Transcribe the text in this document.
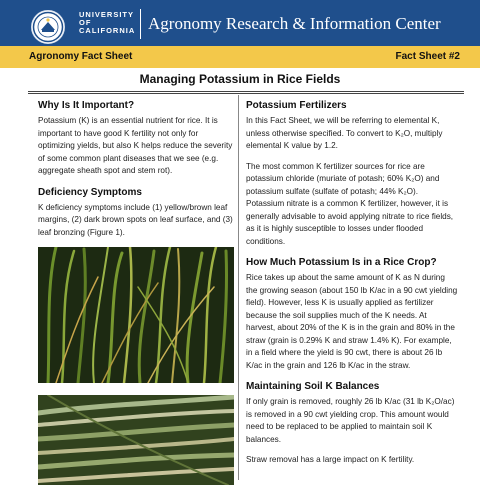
UNIVERSITY
OF
CALIFORNIA Agronomy Research & Information Center
Agronomy Fact Sheet	Fact Sheet #2
Managing Potassium in Rice Fields
Why Is It Important?

Potassium (K) is an essential nutrient for rice. It is important to have good K fertility not only for optimizing yields, but also K helps reduce the severity of some common plant diseases that we see (e.g. aggregate sheath spot and stem rot).

Deficiency Symptoms

K deficiency symptoms include (1) yellow/brown leaf margins, (2) dark brown spots on leaf surface, and (3) leaf bronzing (Figure 1).

Potassium Fertilizers

In this Fact Sheet, we will be referring to elemental K, unless otherwise specified. To convert to K₂O, multiply elemental K value by 1.2.

The most common K fertilizer sources for rice are potassium chloride (muriate of potash; 60% K₂O) and potassium sulfate (sulfate of potash; 44% K₂O). Potassium nitrate is a common K fertilizer, however, it is generally advisable to avoid applying nitrate to rice fields, as it is highly susceptible to losses under flooded conditions.

How Much Potassium Is in a Rice Crop?

Rice takes up about the same amount of K as N during the growing season (about 150 lb K/ac in a 90 cwt yielding field). However, less K is usually applied as fertilizer because the soil supplies much of the K needs. At harvest, about 20% of the K is in the grain and 80% in the straw (grain is 0.29% K and straw 1.4% K). For example, in a field where the yield is 90 cwt, there is about 26 lb K/ac in the grain and 126 lb K/ac in the straw.

Maintaining Soil K Balances

If only grain is removed, roughly 26 lb K/ac (31 lb K₂O/ac) is removed in a 90 cwt yielding crop. This amount would need to be replaced to be applied to maintain soil K balances.

Straw removal has a large impact on K fertility.
